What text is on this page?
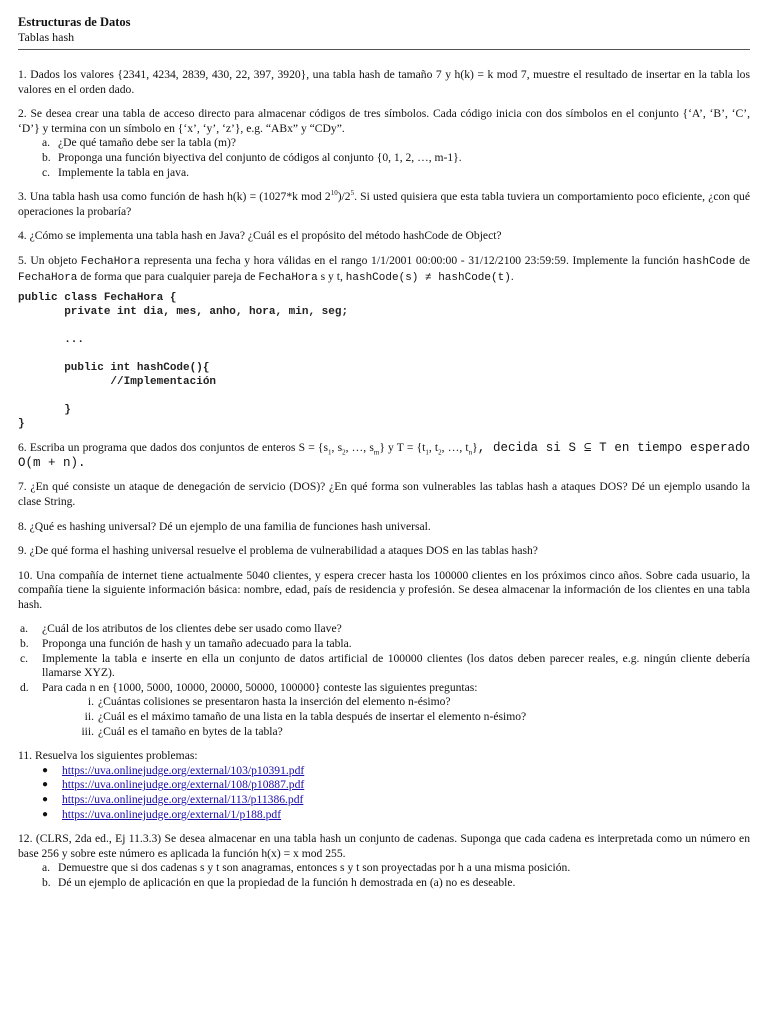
Estructuras de Datos
Tablas hash

1. Dados los valores {2341, 4234, 2839, 430, 22, 397, 3920}, una tabla hash de tamaño 7 y h(k) = k mod 7, muestre el resultado de insertar en la tabla los valores en el orden dado.

2. Se desea crear una tabla de acceso directo para almacenar códigos de tres símbolos. Cada código inicia con dos símbolos en el conjunto {‘A’, ‘B’, ‘C’, ‘D’} y termina con un símbolo en {‘x’, ‘y’, ‘z’}, e.g. “ABx” y “CDy”.

a. ¿De qué tamaño debe ser la tabla (m)?
b. Proponga una función biyectiva del conjunto de códigos al conjunto {0, 1, 2, …, m-1}.
c. Implemente la tabla en java.

3. Una tabla hash usa como función de hash h(k) = (1027*k mod $2^{10})/2^5$. Si usted quisiera que esta tabla tuviera un comportamiento poco eficiente, ¿con qué operaciones la probaría?

4. ¿Cómo se implementa una tabla hash en Java? ¿Cuál es el propósito del método hashCode de Object?

5. Un objeto FechaHora representa una fecha y hora válidas en el rango 1/1/2001 00:00:00 - 31/12/2100 23:59:59. Implemente la función hashCode de FechaHora de forma que para cualquier pareja de FechaHora s y t, hashCode(s) ≠ hashCode(t).

public class FechaHora {
private int dia, mes, anho, hora, min, seg;

...

public int hashCode(){
//Implementación

}
}

6. Escriba un programa que dados dos conjuntos de enteros $S = \{s_1$, $s_2$, …, $s_m$} y $T = \{t_1$, $t_2$, …, $t_n$}, decida si S ⊆ T en tiempo esperado O(m + n).

7. ¿En qué consiste un ataque de denegación de servicio (DOS)? ¿En qué forma son vulnerables las tablas hash a ataques DOS? Dé un ejemplo usando la clase String.

8. ¿Qué es hashing universal? Dé un ejemplo de una familia de funciones hash universal.

9. ¿De qué forma el hashing universal resuelve el problema de vulnerabilidad a ataques DOS en las tablas hash?

10. Una compañía de internet tiene actualmente 5040 clientes, y espera crecer hasta los 100000 clientes en los próximos cinco años. Sobre cada usuario, la compañía tiene la siguiente información básica: nombre, edad, país de residencia y profesión. Se desea almacenar la información de los clientes en una tabla hash.

a. ¿Cuál de los atributos de los clientes debe ser usado como llave?
b. Proponga una función de hash y un tamaño adecuado para la tabla.
c. Implemente la tabla e inserte en ella un conjunto de datos artificial de 100000 clientes (los datos deben parecer reales, e.g. ningún cliente debería llamarse XYZ).
d. Para cada n en {1000, 5000, 10000, 20000, 50000, 100000} conteste las siguientes preguntas:
i. ¿Cuántas colisiones se presentaron hasta la inserción del elemento n-ésimo?
ii. ¿Cuál es el máximo tamaño de una lista en la tabla después de insertar el elemento n-ésimo?
iii. ¿Cuál es el tamaño en bytes de la tabla?

11. Resuelva los siguientes problemas:

● https://uva.onlinejudge.org/external/103/p10391.pdf
● https://uva.onlinejudge.org/external/108/p10887.pdf
● https://uva.onlinejudge.org/external/113/p11386.pdf
● https://uva.onlinejudge.org/external/1/p188.pdf

12. (CLRS, 2da ed., Ej 11.3.3) Se desea almacenar en una tabla hash un conjunto de cadenas. Suponga que cada cadena es interpretada como un número en base 256 y sobre este número es aplicada la función h(x) = x mod 255.

a. Demuestre que si dos cadenas s y t son anagramas, entonces s y t son proyectadas por h a una misma posición.
b. Dé un ejemplo de aplicación en que la propiedad de la función h demostrada en (a) no es deseable.
